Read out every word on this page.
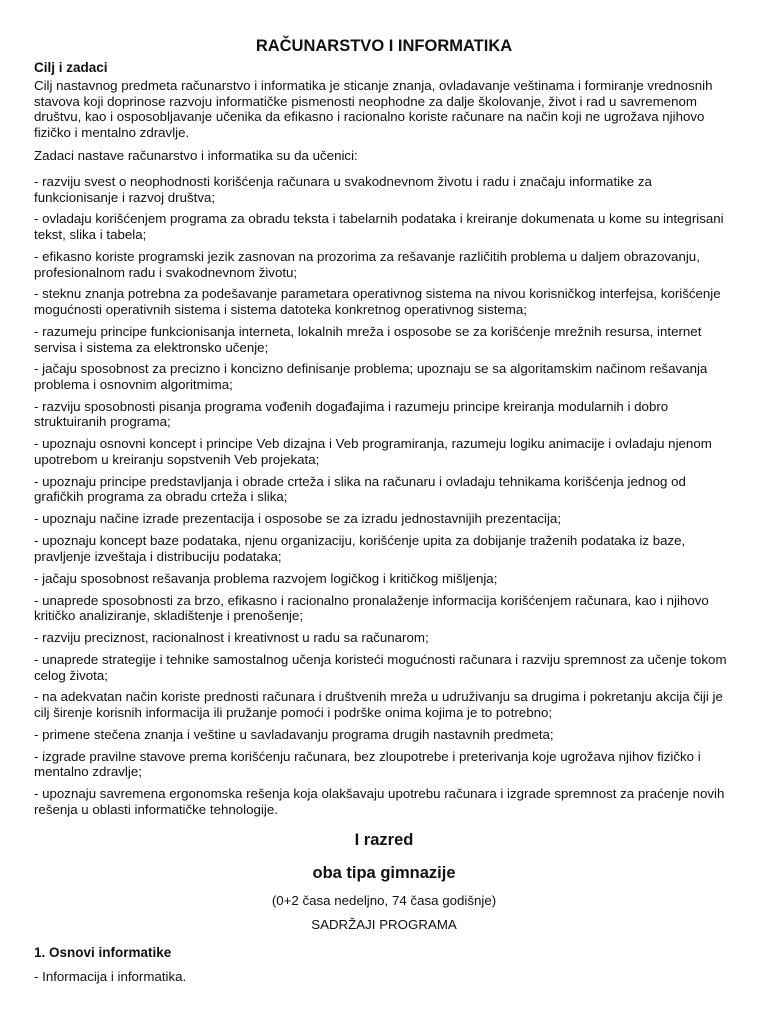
RAČUNARSTVO I INFORMATIKA
Cilj i zadaci

Cilj nastavnog predmeta računarstvo i informatika je sticanje znanja, ovladavanje veštinama i formiranje vrednosnih stavova koji doprinose razvoju informatičke pismenosti neophodne za dalje školovanje, život i rad u savremenom društvu, kao i osposobljavanje učenika da efikasno i racionalno koriste računare na način koji ne ugrožava njihovo fizičko i mentalno zdravlje.

Zadaci nastave računarstvo i informatika su da učenici:

- razviju svest o neophodnosti korišćenja računara u svakodnevnom životu i radu i značaju informatike za funkcionisanje i razvoj društva;

- ovladaju korišćenjem programa za obradu teksta i tabelarnih podataka i kreiranje dokumenata u kome su integrisani tekst, slika i tabela;

- efikasno koriste programski jezik zasnovan na prozorima za rešavanje različitih problema u daljem obrazovanju, profesionalnom radu i svakodnevnom životu;

- steknu znanja potrebna za podešavanje parametara operativnog sistema na nivou korisničkog interfejsa, korišćenje mogućnosti operativnih sistema i sistema datoteka konkretnog operativnog sistema;

- razumeju principe funkcionisanja interneta, lokalnih mreža i osposobe se za korišćenje mrežnih resursa, internet servisa i sistema za elektronsko učenje;

- jačaju sposobnost za precizno i koncizno definisanje problema; upoznaju se sa algoritamskim načinom rešavanja problema i osnovnim algoritmima;

- razviju sposobnosti pisanja programa vođenih događajima i razumeju principe kreiranja modularnih i dobro struktuiranih programa;

- upoznaju osnovni koncept i principe Veb dizajna i Veb programiranja, razumeju logiku animacije i ovladaju njenom upotrebom u kreiranju sopstvenih Veb projekata;

- upoznaju principe predstavljanja i obrade crteža i slika na računaru i ovladaju tehnikama korišćenja jednog od grafičkih programa za obradu crteža i slika;

- upoznaju načine izrade prezentacija i osposobe se za izradu jednostavnijih prezentacija;

- upoznaju koncept baze podataka, njenu organizaciju, korišćenje upita za dobijanje traženih podataka iz baze, pravljenje izveštaja i distribuciju podataka;

- jačaju sposobnost rešavanja problema razvojem logičkog i kritičkog mišljenja;

- unaprede sposobnosti za brzo, efikasno i racionalno pronalaženje informacija korišćenjem računara, kao i njihovo kritičko analiziranje, skladištenje i prenošenje;

- razviju preciznost, racionalnost i kreativnost u radu sa računarom;

- unaprede strategije i tehnike samostalnog učenja koristeći mogućnosti računara i razviju spremnost za učenje tokom celog života;

- na adekvatan način koriste prednosti računara i društvenih mreža u udruživanju sa drugima i pokretanju akcija čiji je cilj širenje korisnih informacija ili pružanje pomoći i podrške onima kojima je to potrebno;

- primene stečena znanja i veštine u savladavanju programa drugih nastavnih predmeta;

- izgrade pravilne stavove prema korišćenju računara, bez zloupotrebe i preterivanja koje ugrožava njihov fizičko i mentalno zdravlje;

- upoznaju savremena ergonomska rešenja koja olakšavaju upotrebu računara i izgrade spremnost za praćenje novih rešenja u oblasti informatičke tehnologije.

I razred
oba tipa gimnazije

(0+2 časa nedeljno, 74 časa godišnje)

SADRŽAJI PROGRAMA

1. Osnovi informatike

- Informacija i informatika.
